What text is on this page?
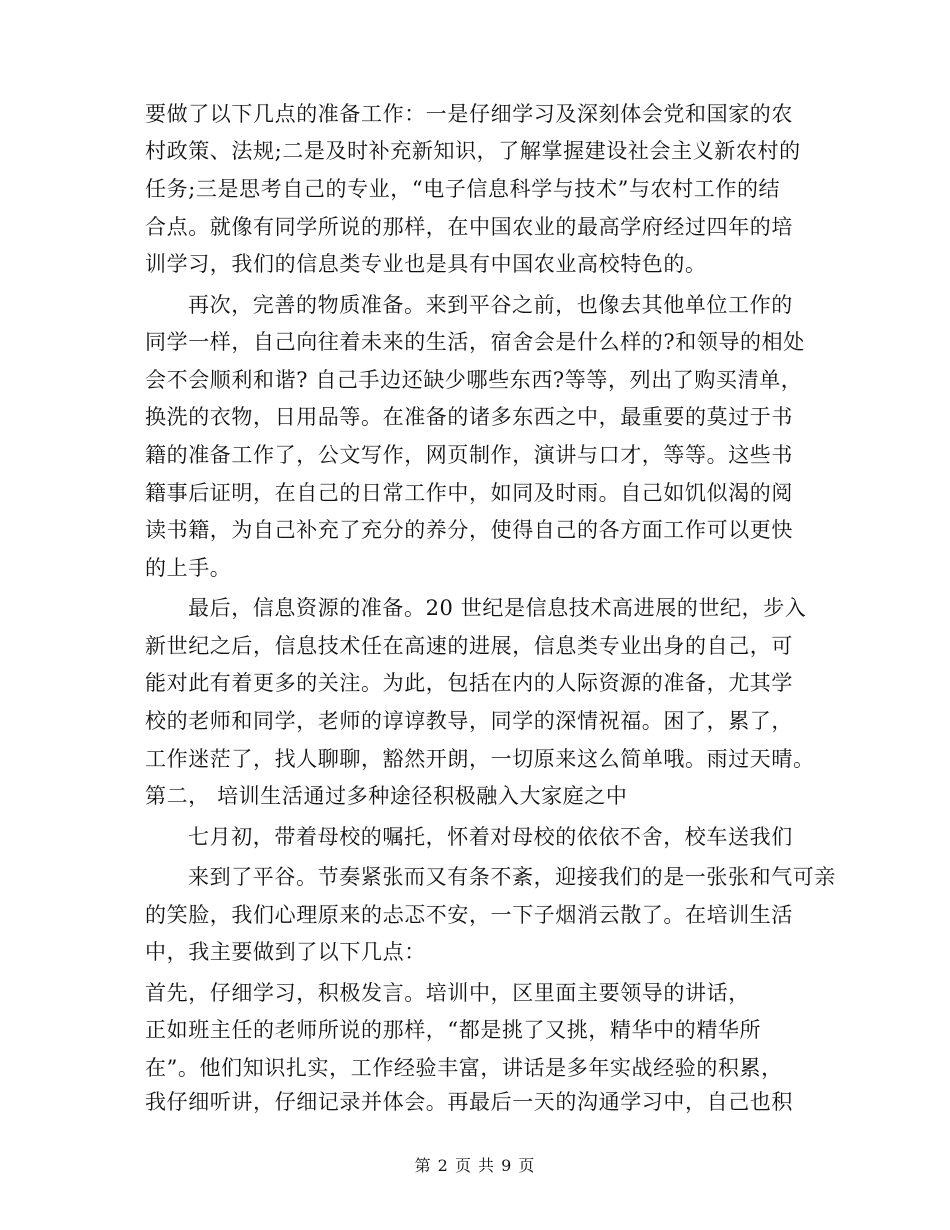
要做了以下几点的准备工作：一是仔细学习及深刻体会党和国家的农
村政策、法规;二是及时补充新知识，了解掌握建设社会主义新农村的
任务;三是思考自己的专业，“电子信息科学与技术”与农村工作的结
合点。就像有同学所说的那样，在中国农业的最高学府经过四年的培
训学习，我们的信息类专业也是具有中国农业高校特色的。
再次，完善的物质准备。来到平谷之前，也像去其他单位工作的
同学一样，自己向往着未来的生活，宿舍会是什么样的?和领导的相处
会不会顺利和谐? 自己手边还缺少哪些东西?等等，列出了购买清单，
换洗的衣物，日用品等。在准备的诸多东西之中，最重要的莫过于书
籍的准备工作了，公文写作，网页制作，演讲与口才，等等。这些书
籍事后证明，在自己的日常工作中，如同及时雨。自己如饥似渴的阅
读书籍，为自己补充了充分的养分，使得自己的各方面工作可以更快
的上手。
最后，信息资源的准备。20 世纪是信息技术高进展的世纪，步入
新世纪之后，信息技术任在高速的进展，信息类专业出身的自己，可
能对此有着更多的关注。为此，包括在内的人际资源的准备，尤其学
校的老师和同学，老师的谆谆教导，同学的深情祝福。困了，累了，
工作迷茫了，找人聊聊，豁然开朗，一切原来这么简单哦。雨过天晴。
第二， 培训生活通过多种途径积极融入大家庭之中
七月初，带着母校的嘱托，怀着对母校的依依不舍，校车送我们
来到了平谷。节奏紧张而又有条不紊，迎接我们的是一张张和气可亲
的笑脸，我们心理原来的忐忑不安，一下子烟消云散了。在培训生活
中，我主要做到了以下几点：
首先，仔细学习，积极发言。培训中，区里面主要领导的讲话，
正如班主任的老师所说的那样，“都是挑了又挑，精华中的精华所
在”。他们知识扎实，工作经验丰富，讲话是多年实战经验的积累，
我仔细听讲，仔细记录并体会。再最后一天的沟通学习中，自己也积
第 2 页 共 9 页
